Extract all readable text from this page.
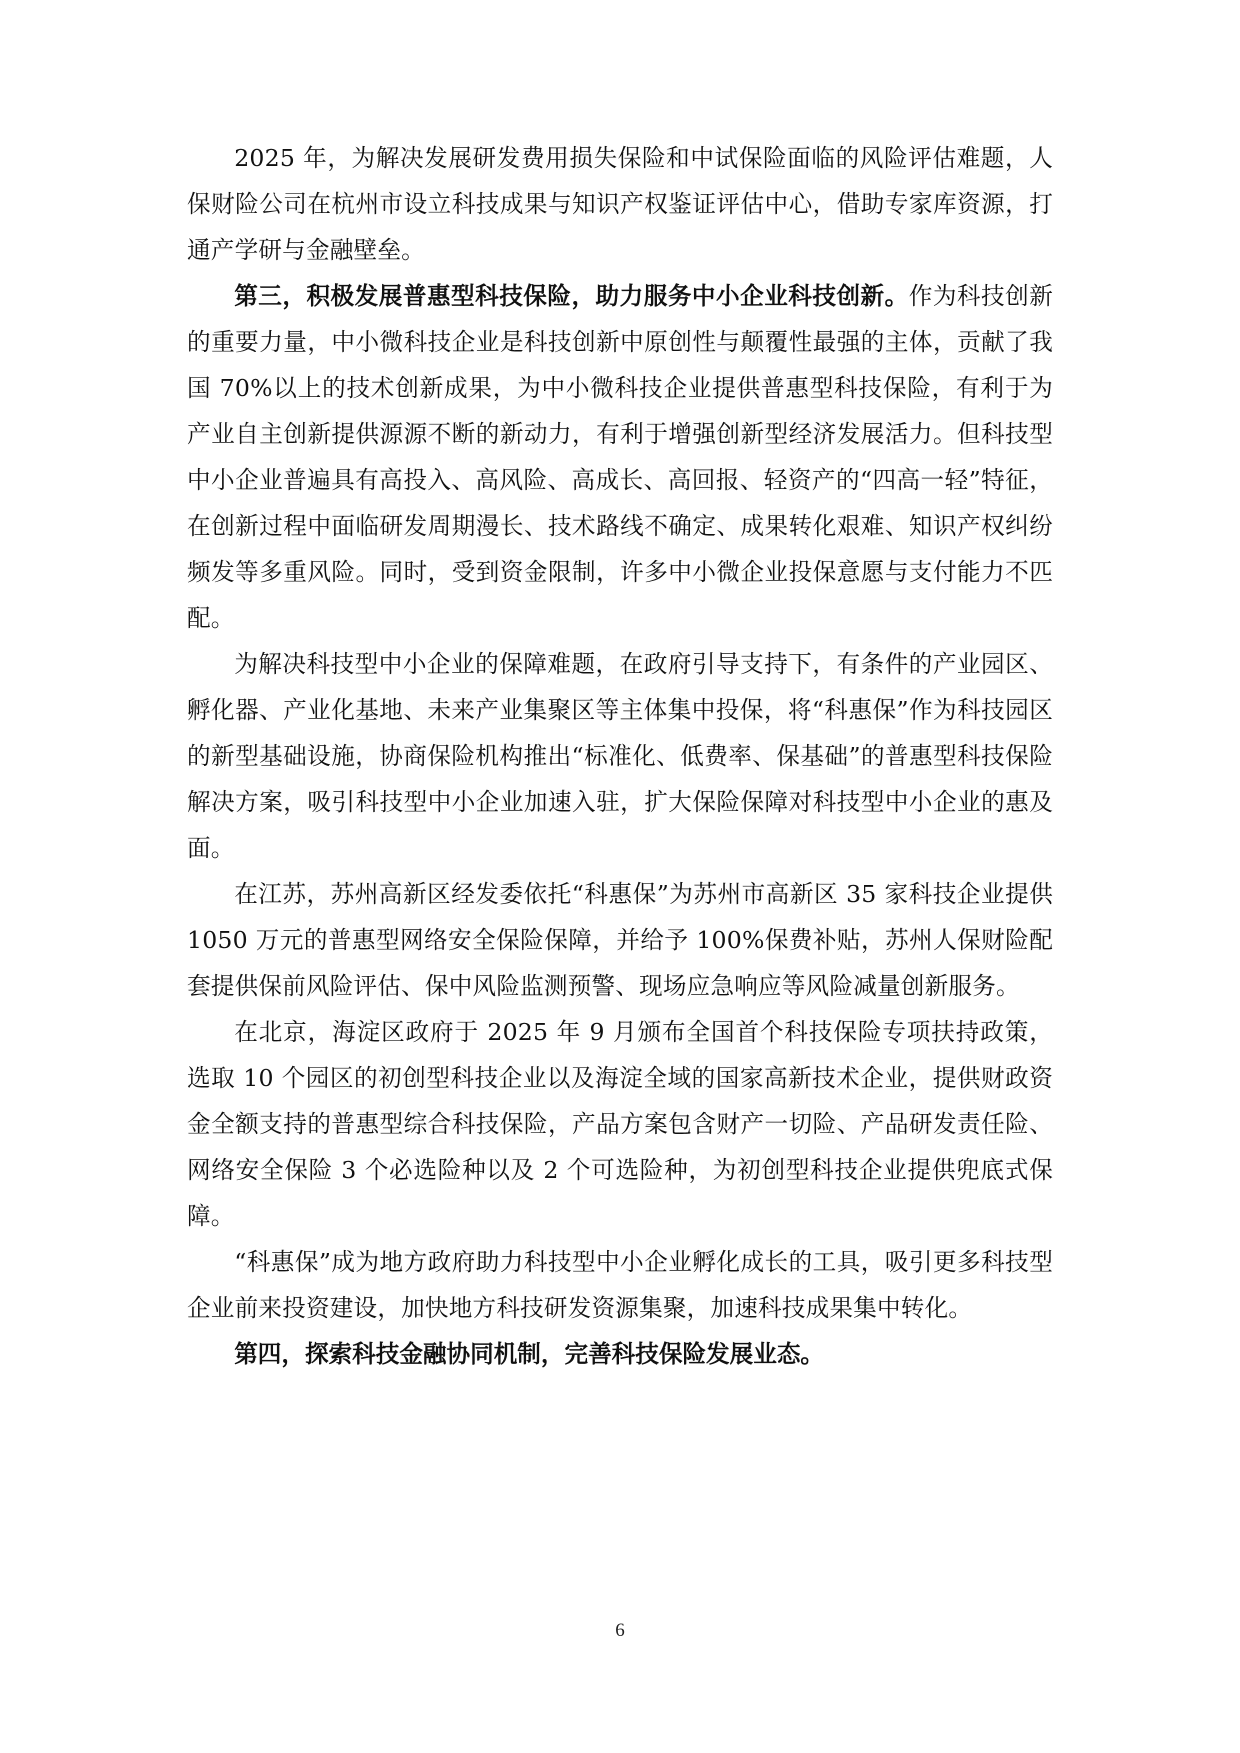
2025 年，为解决发展研发费用损失保险和中试保险面临的风险评估难题，人保财险公司在杭州市设立科技成果与知识产权鉴证评估中心，借助专家库资源，打通产学研与金融壁垒。

第三，积极发展普惠型科技保险，助力服务中小企业科技创新。作为科技创新的重要力量，中小微科技企业是科技创新中原创性与颠覆性最强的主体，贡献了我国 70%以上的技术创新成果，为中小微科技企业提供普惠型科技保险，有利于为产业自主创新提供源源不断的新动力，有利于增强创新型经济发展活力。但科技型中小企业普遍具有高投入、高风险、高成长、高回报、轻资产的“四高一轻”特征，在创新过程中面临研发周期漫长、技术路线不确定、成果转化艰难、知识产权纠纷频发等多重风险。同时，受到资金限制，许多中小微企业投保意愿与支付能力不匹配。

为解决科技型中小企业的保障难题，在政府引导支持下，有条件的产业园区、孵化器、产业化基地、未来产业集聚区等主体集中投保，将“科惠保”作为科技园区的新型基础设施，协商保险机构推出“标准化、低费率、保基础”的普惠型科技保险解决方案，吸引科技型中小企业加速入驻，扩大保险保障对科技型中小企业的惠及面。

在江苏，苏州高新区经发委依托“科惠保”为苏州市高新区 35 家科技企业提供 1050 万元的普惠型网络安全保险保障，并给予 100%保费补贴，苏州人保财险配套提供保前风险评估、保中风险监测预警、现场应急响应等风险减量创新服务。

在北京，海淀区政府于 2025 年 9 月颁布全国首个科技保险专项扶持政策，选取 10 个园区的初创型科技企业以及海淀全域的国家高新技术企业，提供财政资金全额支持的普惠型综合科技保险，产品方案包含财产一切险、产品研发责任险、网络安全保险 3 个必选险种以及 2 个可选险种，为初创型科技企业提供兜底式保障。

“科惠保”成为地方政府助力科技型中小企业孵化成长的工具，吸引更多科技型企业前来投资建设，加快地方科技研发资源集聚，加速科技成果集中转化。

第四，探索科技金融协同机制，完善科技保险发展业态。

6
